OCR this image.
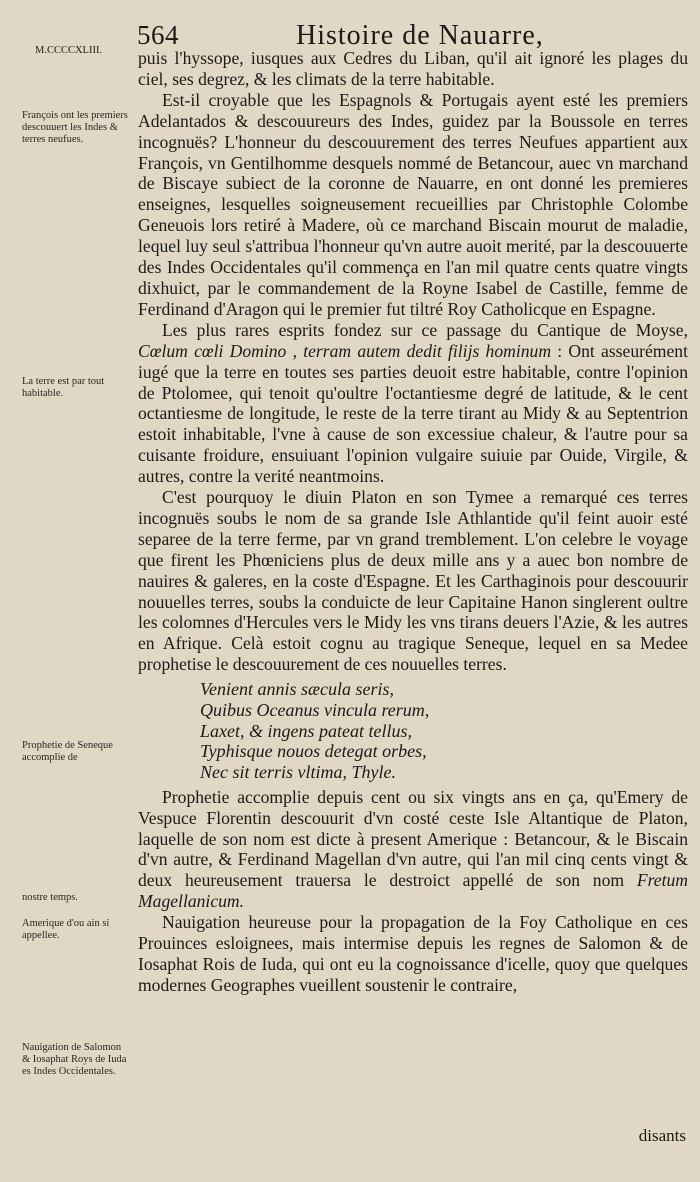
564	Histoire de Nauarre,
M.CCCCXLIII.
François ont les premiers descouuert les Indes & terres neufues.
La terre est par tout habitable.
Prophetie de Seneque accomplie de
nostre temps.
Amerique d'ou ain si appellee.
Nauigation de Salomon & Iosaphat Roys de Iuda es Indes Occidentales.

puis l'hyssope, iusques aux Cedres du Liban, qu'il ait ignoré les plages du ciel, ses degrez, & les climats de la terre habitable.

Est-il croyable que les Espagnols & Portugais ayent esté les premiers Adelantados & descouureurs des Indes, guidez par la Boussole en terres incognuës? L'honneur du descouurement des terres Neufues appartient aux François, vn Gentilhomme desquels nommé de Betancour, auec vn marchand de Biscaye subiect de la coronne de Nauarre, en ont donné les premieres enseignes, lesquelles soigneusement recueillies par Christophle Colombe Geneuois lors retiré à Madere, où ce marchand Biscain mourut de maladie, lequel luy seul s'attribua l'honneur qu'vn autre auoit merité, par la descouuerte des Indes Occidentales qu'il commença en l'an mil quatre cents quatre vingts dixhuict, par le commandement de la Royne Isabel de Castille, femme de Ferdinand d'Aragon qui le premier fut tiltré Roy Catholicque en Espagne.

Les plus rares esprits fondez sur ce passage du Cantique de Moyse, Cœlum cœli Domino , terram autem dedit filijs hominum : Ont asseurément iugé que la terre en toutes ses parties deuoit estre habitable, contre l'opinion de Ptolomee, qui tenoit qu'oultre l'octantiesme degré de latitude, & le cent octantiesme de longitude, le reste de la terre tirant au Midy & au Septentrion estoit inhabitable, l'vne à cause de son excessiue chaleur, & l'autre pour sa cuisante froidure, ensuiuant l'opinion vulgaire suiuie par Ouide, Virgile, & autres, contre la verité neantmoins.

C'est pourquoy le diuin Platon en son Tymee a remarqué ces terres incognuës soubs le nom de sa grande Isle Athlantide qu'il feint auoir esté separee de la terre ferme, par vn grand tremblement. L'on celebre le voyage que firent les Phœniciens plus de deux mille ans y a auec bon nombre de nauires & galeres, en la coste d'Espagne. Et les Carthaginois pour descouurir nouuelles terres, soubs la conduicte de leur Capitaine Hanon singlerent oultre les colomnes d'Hercules vers le Midy les vns tirans deuers l'Azie, & les autres en Afrique. Celà estoit cognu au tragique Seneque, lequel en sa Medee prophetise le descouurement de ces nouuelles terres.

Venient annis sæcula seris,
Quibus Oceanus vincula rerum,
Laxet, & ingens pateat tellus,
Typhisque nouos detegat orbes,
Nec sit terris vltima, Thyle.

Prophetie accomplie depuis cent ou six vingts ans en ça, qu'Emery de Vespuce Florentin descouurit d'vn costé ceste Isle Altantique de Platon, laquelle de son nom est dicte à present Amerique : Betancour, & le Biscain d'vn autre, & Ferdinand Magellan d'vn autre, qui l'an mil cinq cents vingt & deux heureusement trauersa le destroict appellé de son nom Fretum Magellanicum.

Nauigation heureuse pour la propagation de la Foy Catholique en ces Prouinces esloignees, mais intermise depuis les regnes de Salomon & de Iosaphat Rois de Iuda, qui ont eu la cognoissance d'icelle, quoy que quelques modernes Geographes vueillent soustenir le contraire,

disants
